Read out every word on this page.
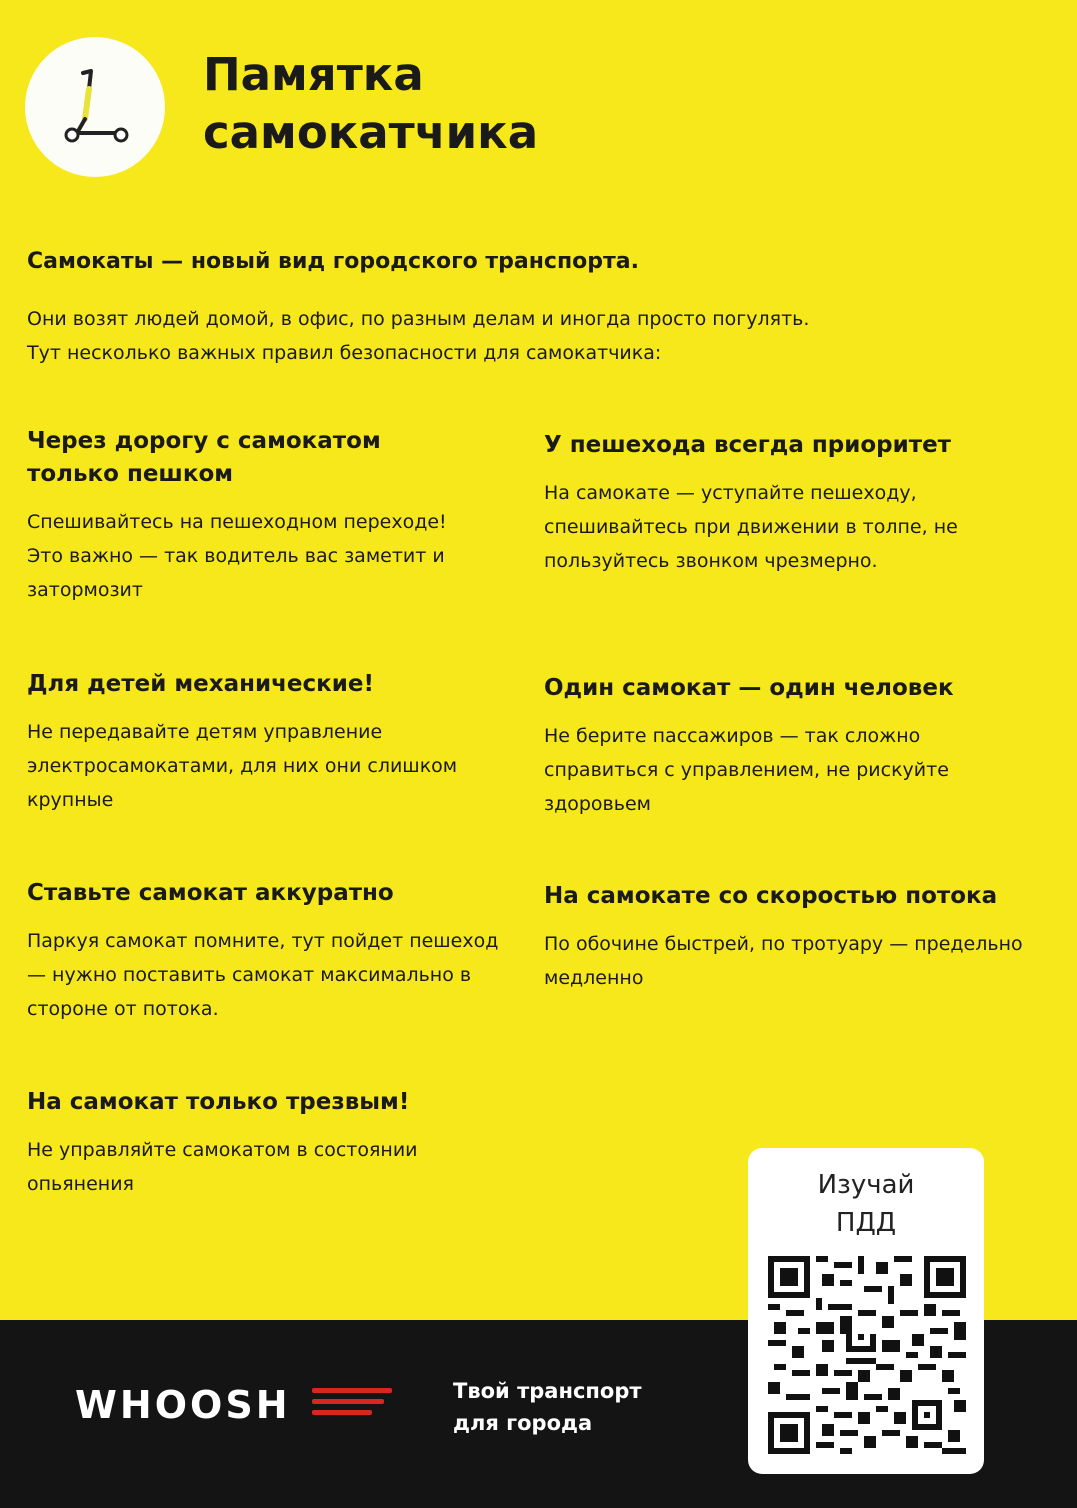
Памятка
самокатчика
Самокаты — новый вид городского транспорта.

Они возят людей домой, в офис, по разным делам и иногда просто погулять.
Тут несколько важных правил безопасности для самокатчика:

Через дорогу с самокатом только пешком

Спешивайтесь на пешеходном переходе! Это важно — так водитель вас заметит и затормозит

У пешехода всегда приоритет

На самокате — уступайте пешеходу, спешивайтесь при движении в толпе, не пользуйтесь звонком чрезмерно.

Для детей механические!

Не передавайте детям управление электросамокатами, для них они слишком крупные

Один самокат — один человек

Не берите пассажиров — так сложно справиться с управлением, не рискуйте здоровьем

Ставьте самокат аккуратно

Паркуя самокат помните, тут пойдет пешеход — нужно поставить самокат максимально в стороне от потока.

На самокате со скоростью потока

По обочине быстрей, по тротуару — предельно медленно

На самокат только трезвым!

Не управляйте самокатом в состоянии опьянения

WHOOSH	Твой транспорт
для города
Изучай
ПДД
